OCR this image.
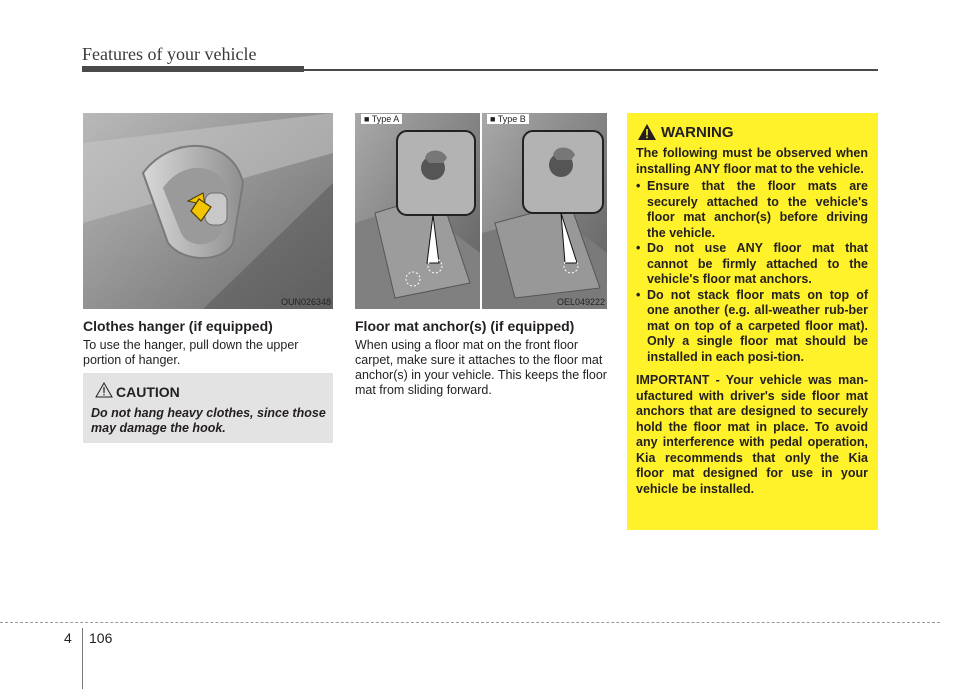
Features of your vehicle
OUN026348
Clothes hanger (if equipped)
To use the hanger, pull down the upper portion of hanger.
CAUTION
Do not hang heavy clothes, since those may damage the hook.
■ Type A	■ Type B
OEL049222
Floor mat anchor(s) (if equipped)
When using a floor mat on the front floor carpet, make sure it attaches to the floor mat anchor(s) in your vehicle. This keeps the floor mat from sliding forward.
WARNING
The following must be observed when installing ANY floor mat to the vehicle.
• Ensure that the floor mats are securely attached to the vehicle's floor mat anchor(s) before driving the vehicle.
• Do not use ANY floor mat that cannot be firmly attached to the vehicle's floor mat anchors.
• Do not stack floor mats on top of one another (e.g. all-weather rub-ber mat on top of a carpeted floor mat). Only a single floor mat should be installed in each posi-tion.
IMPORTANT - Your vehicle was man-ufactured with driver's side floor mat anchors that are designed to securely hold the floor mat in place. To avoid any interference with pedal operation, Kia recommends that only the Kia floor mat designed for use in your vehicle be installed.
4 106
